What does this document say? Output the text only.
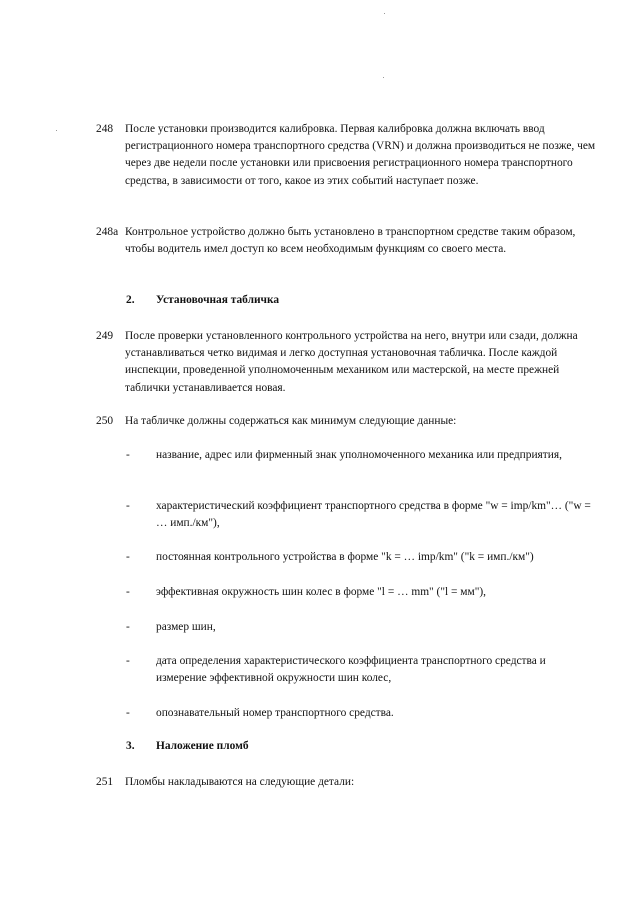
248 После установки производится калибровка. Первая калибровка должна включать ввод регистрационного номера транспортного средства (VRN) и должна производиться не позже, чем через две недели после установки или присвоения регистрационного номера транспортного средства, в зависимости от того, какое из этих событий наступает позже.
248a Контрольное устройство должно быть установлено в транспортном средстве таким образом, чтобы водитель имел доступ ко всем необходимым функциям со своего места.
2. Установочная табличка
249 После проверки установленного контрольного устройства на него, внутри или сзади, должна устанавливаться четко видимая и легко доступная установочная табличка. После каждой инспекции, проведенной уполномоченным механиком или мастерской, на месте прежней таблички устанавливается новая.
250 На табличке должны содержаться как минимум следующие данные:
- название, адрес или фирменный знак уполномоченного механика или предприятия,
- характеристический коэффициент транспортного средства в форме "w = imp/km"… ("w = … имп./км"),
- постоянная контрольного устройства в форме "k = … imp/km" ("k = имп./км")
- эффективная окружность шин колес в форме "l = … mm" ("l = мм"),
- размер шин,
- дата определения характеристического коэффициента транспортного средства и измерение эффективной окружности шин колес,
- опознавательный номер транспортного средства.
3. Наложение пломб
251 Пломбы накладываются на следующие детали:
